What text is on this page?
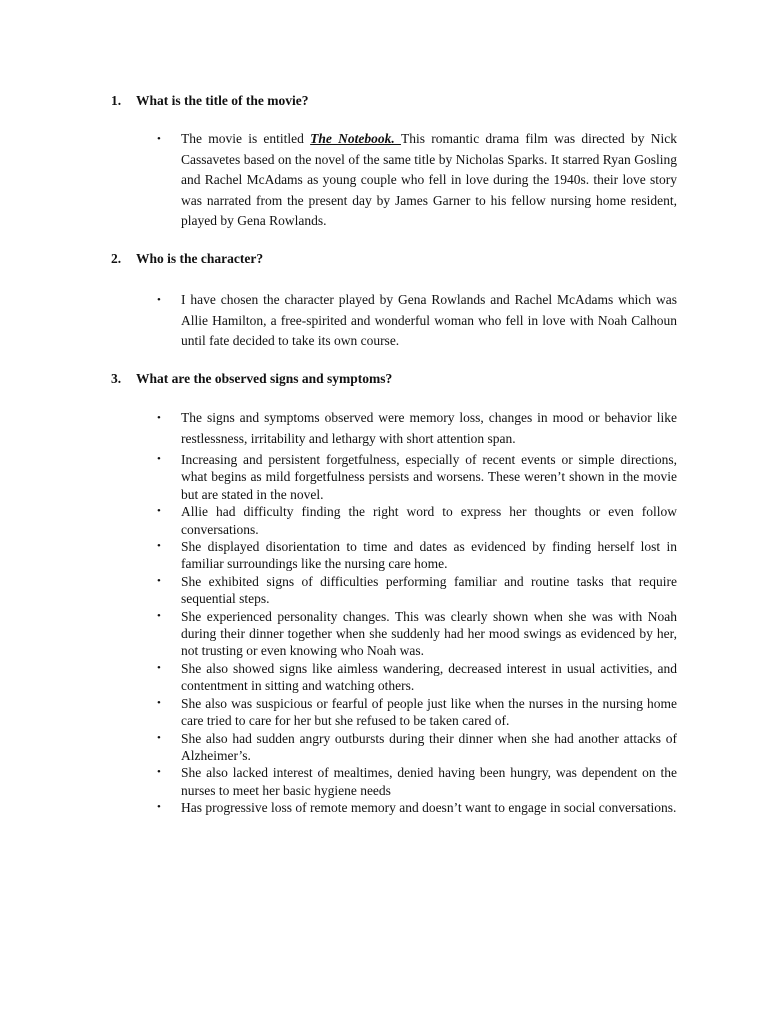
1. What is the title of the movie?
• The movie is entitled The Notebook. This romantic drama film was directed by Nick Cassavetes based on the novel of the same title by Nicholas Sparks. It starred Ryan Gosling and Rachel McAdams as young couple who fell in love during the 1940s. their love story was narrated from the present day by James Garner to his fellow nursing home resident, played by Gena Rowlands.
2. Who is the character?
• I have chosen the character played by Gena Rowlands and Rachel McAdams which was Allie Hamilton, a free-spirited and wonderful woman who fell in love with Noah Calhoun until fate decided to take its own course.
3. What are the observed signs and symptoms?
• The signs and symptoms observed were memory loss, changes in mood or behavior like restlessness, irritability and lethargy with short attention span.
• Increasing and persistent forgetfulness, especially of recent events or simple directions, what begins as mild forgetfulness persists and worsens. These weren’t shown in the movie but are stated in the novel.
• Allie had difficulty finding the right word to express her thoughts or even follow conversations.
• She displayed disorientation to time and dates as evidenced by finding herself lost in familiar surroundings like the nursing care home.
• She exhibited signs of difficulties performing familiar and routine tasks that require sequential steps.
• She experienced personality changes. This was clearly shown when she was with Noah during their dinner together when she suddenly had her mood swings as evidenced by her, not trusting or even knowing who Noah was.
• She also showed signs like aimless wandering, decreased interest in usual activities, and contentment in sitting and watching others.
• She also was suspicious or fearful of people just like when the nurses in the nursing home care tried to care for her but she refused to be taken cared of.
• She also had sudden angry outbursts during their dinner when she had another attacks of Alzheimer’s.
• She also lacked interest of mealtimes, denied having been hungry, was dependent on the nurses to meet her basic hygiene needs
• Has progressive loss of remote memory and doesn’t want to engage in social conversations.
